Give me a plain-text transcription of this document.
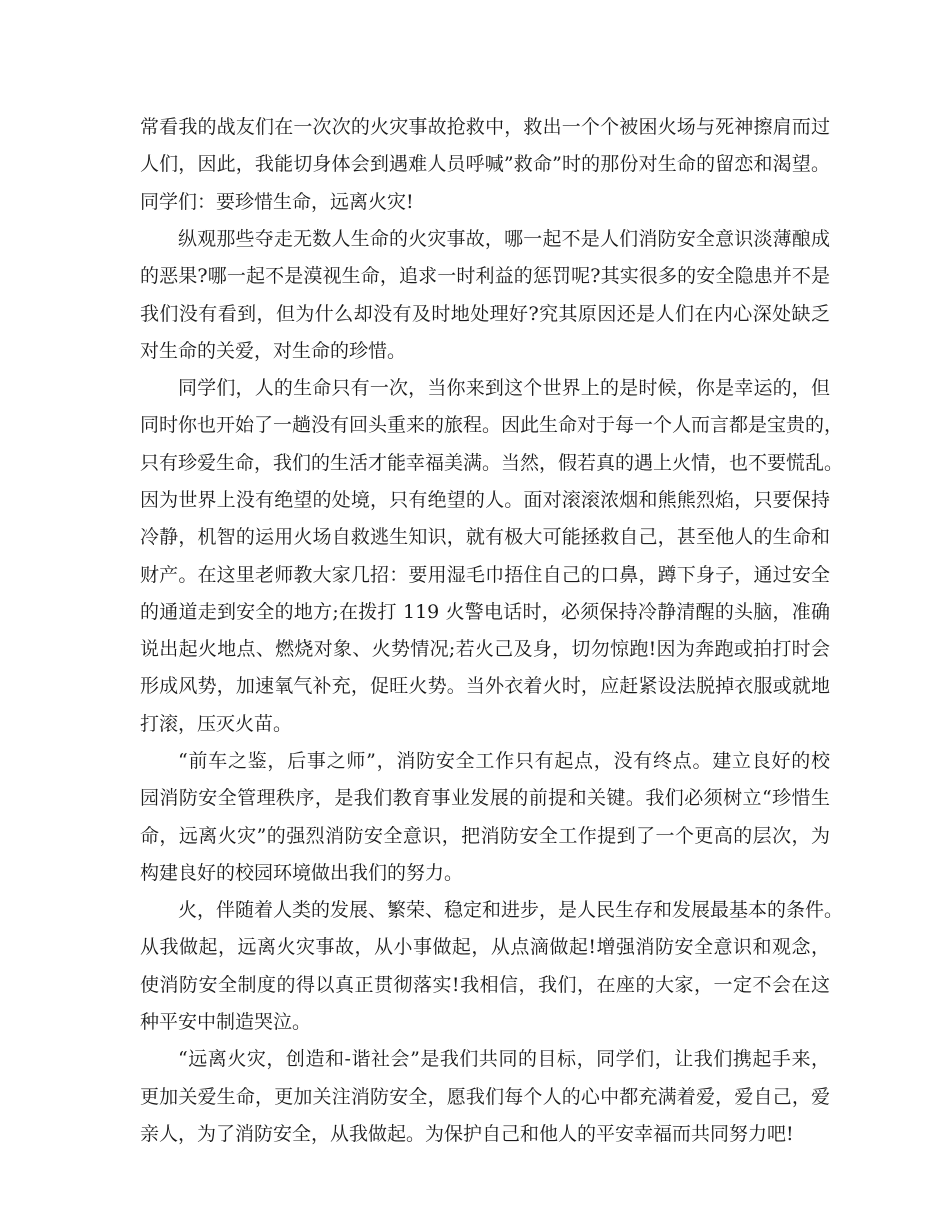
常看我的战友们在一次次的火灾事故抢救中，救出一个个被困火场与死神擦肩而过

人们，因此，我能切身体会到遇难人员呼喊”救命”时的那份对生命的留恋和渴望。

同学们：要珍惜生命，远离火灾!

纵观那些夺走无数人生命的火灾事故，哪一起不是人们消防安全意识淡薄酿成

的恶果?哪一起不是漠视生命，追求一时利益的惩罚呢?其实很多的安全隐患并不是

我们没有看到，但为什么却没有及时地处理好?究其原因还是人们在内心深处缺乏

对生命的关爱，对生命的珍惜。

同学们，人的生命只有一次，当你来到这个世界上的是时候，你是幸运的，但

同时你也开始了一趟没有回头重来的旅程。因此生命对于每一个人而言都是宝贵的，

只有珍爱生命，我们的生活才能幸福美满。当然，假若真的遇上火情，也不要慌乱。

因为世界上没有绝望的处境，只有绝望的人。面对滚滚浓烟和熊熊烈焰，只要保持

冷静，机智的运用火场自救逃生知识，就有极大可能拯救自己，甚至他人的生命和

财产。在这里老师教大家几招：要用湿毛巾捂住自己的口鼻，蹲下身子，通过安全

的通道走到安全的地方;在拨打 119 火警电话时，必须保持冷静清醒的头脑，准确

说出起火地点、燃烧对象、火势情况;若火己及身，切勿惊跑!因为奔跑或拍打时会

形成风势，加速氧气补充，促旺火势。当外衣着火时，应赶紧设法脱掉衣服或就地

打滚，压灭火苗。

“前车之鉴，后事之师”，消防安全工作只有起点，没有终点。建立良好的校

园消防安全管理秩序，是我们教育事业发展的前提和关键。我们必须树立“珍惜生

命，远离火灾”的强烈消防安全意识，把消防安全工作提到了一个更高的层次，为

构建良好的校园环境做出我们的努力。

火，伴随着人类的发展、繁荣、稳定和进步，是人民生存和发展最基本的条件。

从我做起，远离火灾事故，从小事做起，从点滴做起!增强消防安全意识和观念，

使消防安全制度的得以真正贯彻落实!我相信，我们，在座的大家，一定不会在这

种平安中制造哭泣。

“远离火灾，创造和-谐社会”是我们共同的目标，同学们，让我们携起手来，

更加关爱生命，更加关注消防安全，愿我们每个人的心中都充满着爱，爱自己，爱

亲人，为了消防安全，从我做起。为保护自己和他人的平安幸福而共同努力吧!
